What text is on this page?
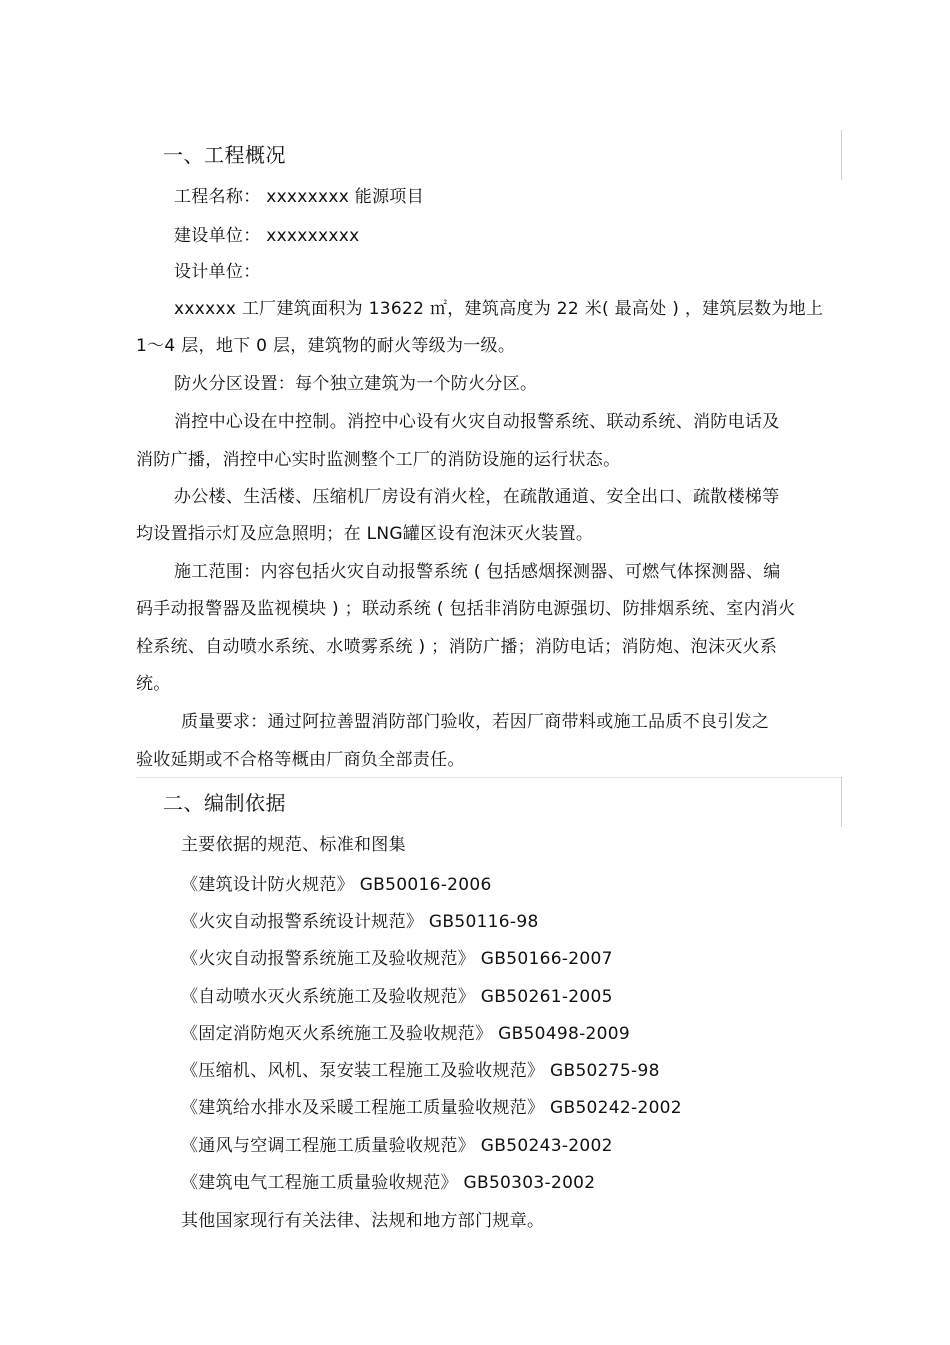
一、工程概况
工程名称： xxxxxxxx 能源项目
建设单位： xxxxxxxxx
设计单位：
xxxxxx 工厂建筑面积为 13622 ㎡，建筑高度为 22 米( 最高处 ) ，建筑层数为地上
1～4 层，地下 0 层，建筑物的耐火等级为一级。
防火分区设置：每个独立建筑为一个防火分区。
消控中心设在中控制。消控中心设有火灾自动报警系统、联动系统、消防电话及
消防广播，消控中心实时监测整个工厂的消防设施的运行状态。
办公楼、生活楼、压缩机厂房设有消火栓，在疏散通道、安全出口、疏散楼梯等
均设置指示灯及应急照明；在 LNG罐区设有泡沫灭火装置。
施工范围：内容包括火灾自动报警系统 ( 包括感烟探测器、可燃气体探测器、编
码手动报警器及监视模块 ) ；联动系统 ( 包括非消防电源强切、防排烟系统、室内消火
栓系统、自动喷水系统、水喷雾系统 ) ；消防广播；消防电话；消防炮、泡沫灭火系
统。
质量要求：通过阿拉善盟消防部门验收，若因厂商带料或施工品质不良引发之
验收延期或不合格等概由厂商负全部责任。
二、编制依据
主要依据的规范、标准和图集
《建筑设计防火规范》 GB50016-2006
《火灾自动报警系统设计规范》 GB50116-98
《火灾自动报警系统施工及验收规范》 GB50166-2007
《自动喷水灭火系统施工及验收规范》 GB50261-2005
《固定消防炮灭火系统施工及验收规范》 GB50498-2009
《压缩机、风机、泵安装工程施工及验收规范》 GB50275-98
《建筑给水排水及采暖工程施工质量验收规范》 GB50242-2002
《通风与空调工程施工质量验收规范》 GB50243-2002
《建筑电气工程施工质量验收规范》 GB50303-2002
其他国家现行有关法律、法规和地方部门规章。
